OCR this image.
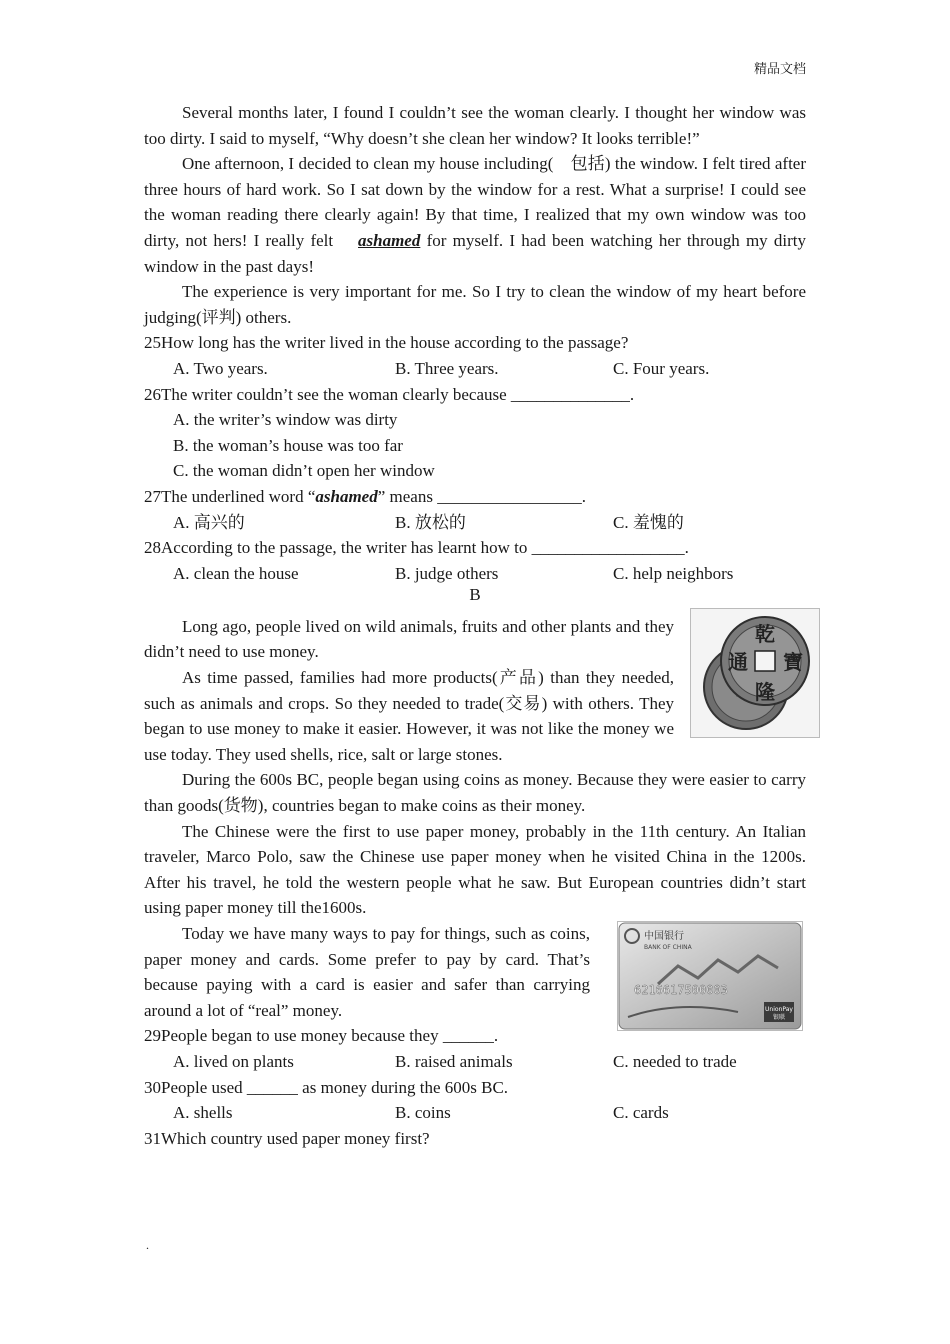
精品文档

Several months later, I found I couldn’t see the woman clearly. I thought her window was too dirty. I said to myself, “Why doesn’t she clean her window? It looks terrible!”

One afternoon, I decided to clean my house including(　包括) the window. I felt tired after three hours of hard work. So I sat down by the window for a rest. What a surprise! I could see the woman reading there clearly again! By that time, I realized that my own window was too dirty, not hers! I really felt ashamed for myself. I had been watching her through my dirty window in the past days!

The experience is very important for me. So I try to clean the window of my heart before judging(评判) others.

25How long has the writer lived in the house according to the passage?

A. Two years.	B. Three years.	C. Four years.

26The writer couldn’t see the woman clearly because ______________.

A. the writer’s window was dirty

B. the woman’s house was too far

C. the woman didn’t open her window

27The underlined word “ashamed” means _________________.

A. 高兴的	B. 放松的	C. 羞愧的

28According to the passage, the writer has learnt how to __________________.

A. clean the house	B. judge others	C. help neighbors

B

Long ago, people lived on wild animals, fruits and other plants and they didn’t need to use money.

As time passed, families had more products(产品) than they needed, such as animals and crops. So they needed to trade(交易) with others. They began to use money to make it easier. However, it was not like the money we use today. They used shells, rice, salt or large stones.

乾
隆
通 寶

During the 600s BC, people began using coins as money. Because they were easier to carry than goods(货物), countries began to make coins as their money.

The Chinese were the first to use paper money, probably in the 11th century. An Italian traveler, Marco Polo, saw the Chinese use paper money when he visited China in the 1200s. After his travel, he told the western people what he saw. But European countries didn’t start using paper money till the1600s.

Today we have many ways to pay for things, such as coins, paper money and cards. Some prefer to pay by card. That’s because paying with a card is easier and safer than carrying around a lot of “real” money.

中国银行
BANK OF CHINA
6216617500003
UnionPay
银联

29People began to use money because they ______.

A. lived on plants	B. raised animals	C. needed to trade

30People used ______ as money during the 600s BC.

A. shells	B. coins	C. cards

31Which country used paper money first?

.
